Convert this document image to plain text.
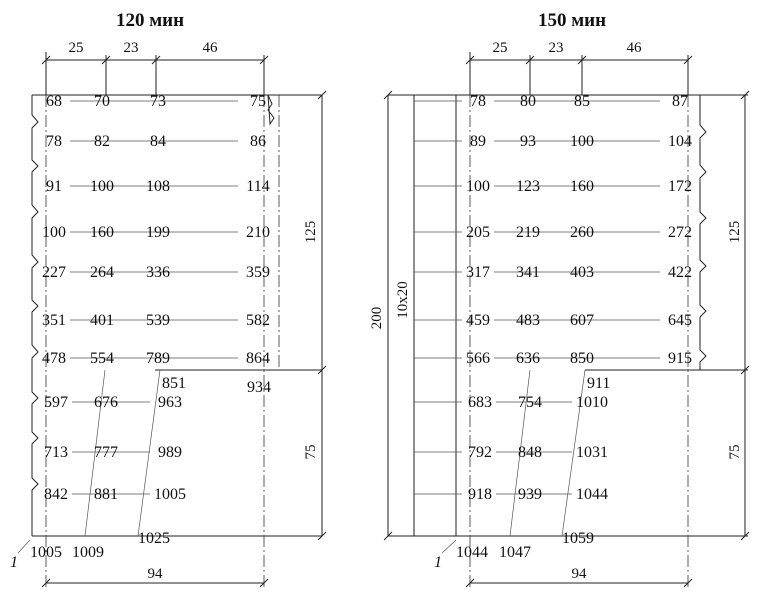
120 мин
25	23	46
68 70	73	75
78 82	84	86
91 100 108	114
100 160 199	210
227 264 336	359
351 401 539	582
478 554 789	864
597 676	963
713 777	989
842 881 1005
934
851
1025
1005 1009
1
94
125
75
200 10x20
150 мин
25	23	46
78 80 85	87
89 93 100	104
100 123 160	172
205 219 260	272
317 341 403	422
459 483 607	645
566 636 850	915
683 754 1010
792 848 1031
918 939 1044
911
1059
1044 1047
1
94
125
75
